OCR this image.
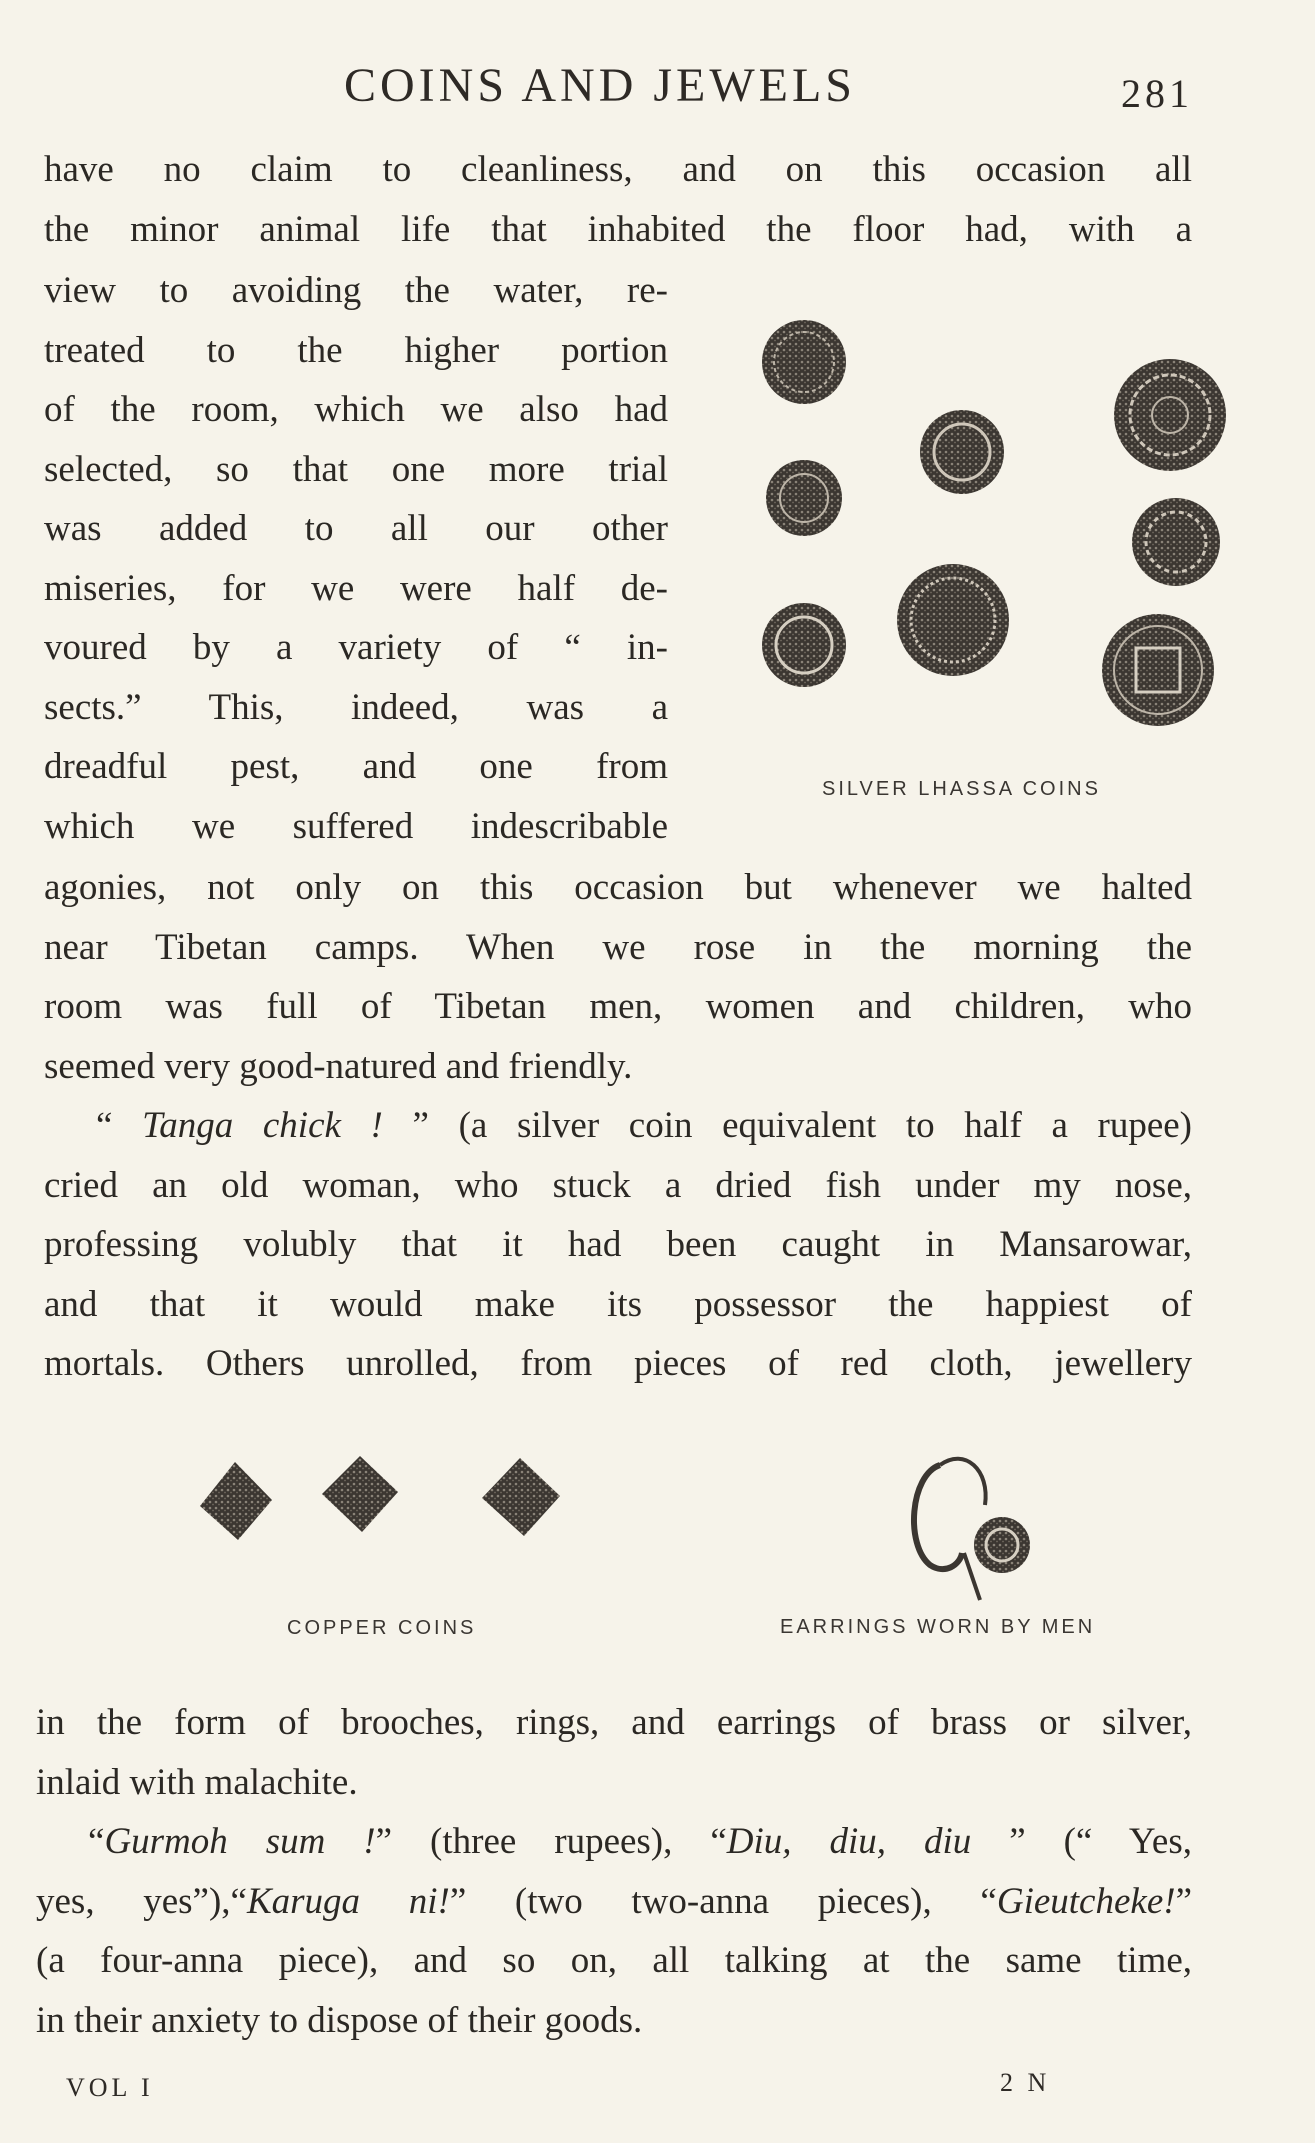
COINS AND JEWELS	281
have no claim to cleanliness, and on this occasion all
the minor animal life that inhabited the floor had, with a
view to avoiding the water, re-
treated to the higher portion
of the room, which we also had
selected, so that one more trial
was added to all our other
miseries, for we were half de-
voured by a variety of “ in-
sects.” This, indeed, was a
dreadful pest, and one from
which we suffered indescribable
SILVER LHASSA COINS
agonies, not only on this occasion but whenever we halted
near Tibetan camps. When we rose in the morning the
room was full of Tibetan men, women and children, who
seemed very good-natured and friendly.
“ Tanga chick ! ” (a silver coin equivalent to half a rupee)
cried an old woman, who stuck a dried fish under my nose,
professing volubly that it had been caught in Mansarowar,
and that it would make its possessor the happiest of
mortals. Others unrolled, from pieces of red cloth, jewellery
COPPER COINS	EARRINGS WORN BY MEN
in the form of brooches, rings, and earrings of brass or silver,
inlaid with malachite.
“Gurmoh sum !” (three rupees), “Diu, diu, diu ” (“ Yes,
yes, yes”),“Karuga ni!” (two two-anna pieces), “Gieutcheke!”
(a four-anna piece), and so on, all talking at the same time,
in their anxiety to dispose of their goods.
VOL I	2 N
